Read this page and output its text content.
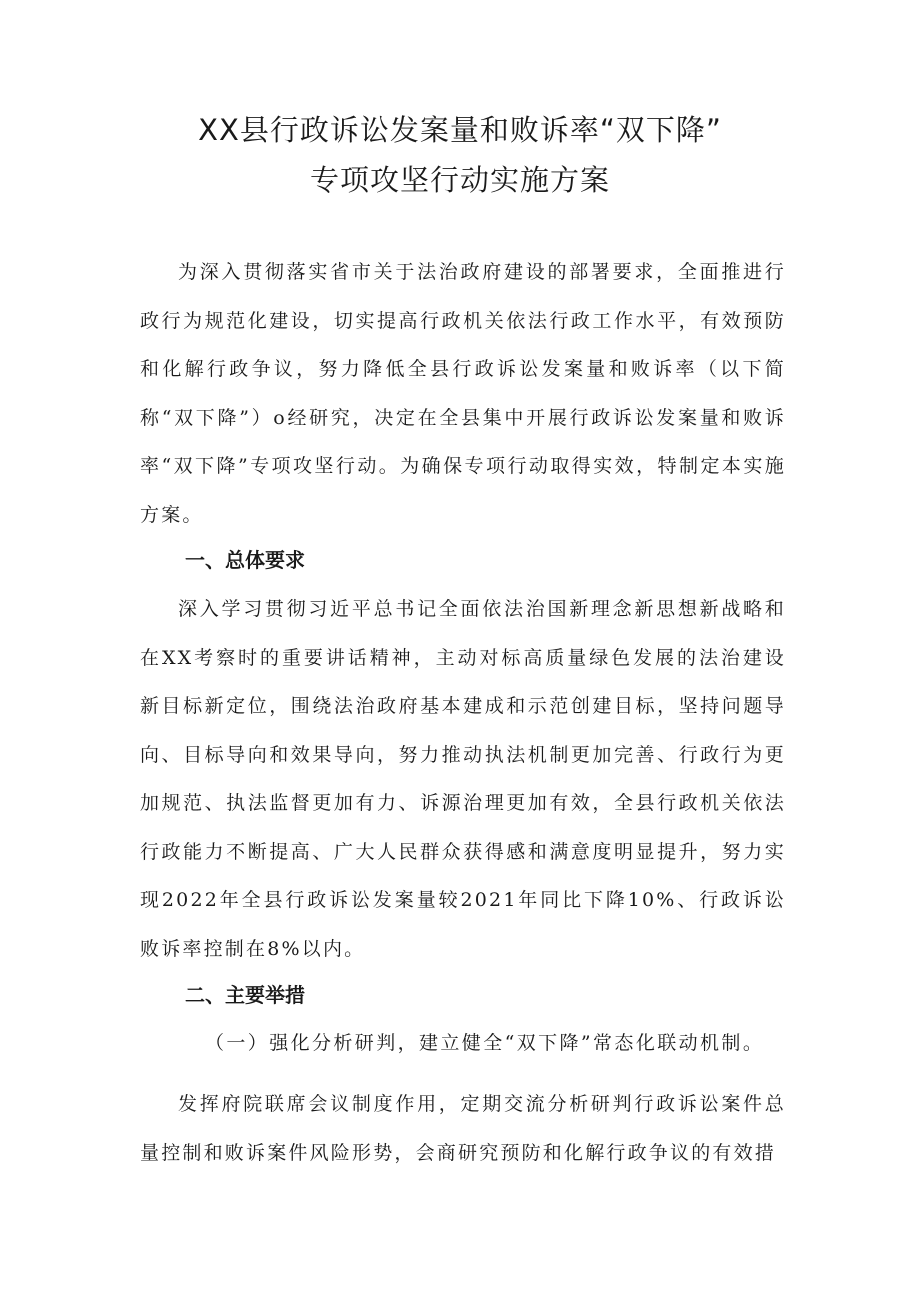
XX县行政诉讼发案量和败诉率“双下降”
专项攻坚行动实施方案

为深入贯彻落实省市关于法治政府建设的部署要求，全面推进行政行为规范化建设，切实提高行政机关依法行政工作水平，有效预防和化解行政争议，努力降低全县行政诉讼发案量和败诉率（以下简称“双下降”）o经研究，决定在全县集中开展行政诉讼发案量和败诉率“双下降”专项攻坚行动。为确保专项行动取得实效，特制定本实施方案。

一、总体要求

深入学习贯彻习近平总书记全面依法治国新理念新思想新战略和在XX考察时的重要讲话精神，主动对标高质量绿色发展的法治建设新目标新定位，围绕法治政府基本建成和示范创建目标，坚持问题导向、目标导向和效果导向，努力推动执法机制更加完善、行政行为更加规范、执法监督更加有力、诉源治理更加有效，全县行政机关依法行政能力不断提高、广大人民群众获得感和满意度明显提升，努力实现2022年全县行政诉讼发案量较2021年同比下降10%、行政诉讼败诉率控制在8%以内。

二、主要举措

（一）强化分析研判，建立健全“双下降”常态化联动机制。

发挥府院联席会议制度作用，定期交流分析研判行政诉讼案件总量控制和败诉案件风险形势，会商研究预防和化解行政争议的有效措
